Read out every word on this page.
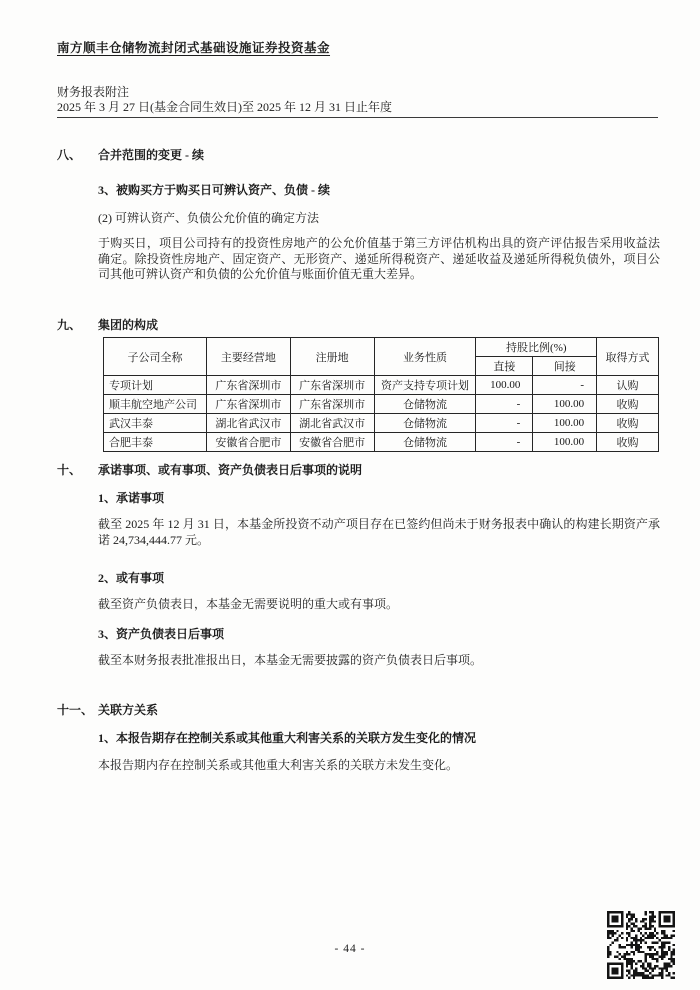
南方顺丰仓储物流封闭式基础设施证券投资基金
财务报表附注
2025 年 3 月 27 日(基金合同生效日)至 2025 年 12 月 31 日止年度
八、	合并范围的变更 - 续
3、被购买方于购买日可辨认资产、负债 - 续
(2) 可辨认资产、负债公允价值的确定方法
于购买日，项目公司持有的投资性房地产的公允价值基于第三方评估机构出具的资产评估报告采用收益法确定。除投资性房地产、固定资产、无形资产、递延所得税资产、递延收益及递延所得税负债外，项目公司其他可辨认资产和负债的公允价值与账面价值无重大差异。
九、	集团的构成
子公司全称	主要经营地	注册地	业务性质	持股比例(%)		取得方式
				直接	间接	
专项计划	广东省深圳市	广东省深圳市	资产支持专项计划	100.00	-	认购
顺丰航空地产公司	广东省深圳市	广东省深圳市	仓储物流	-	100.00	收购
武汉丰泰	湖北省武汉市	湖北省武汉市	仓储物流	-	100.00	收购
合肥丰泰	安徽省合肥市	安徽省合肥市	仓储物流	-	100.00	收购
十、	承诺事项、或有事项、资产负债表日后事项的说明
1、承诺事项
截至 2025 年 12 月 31 日，本基金所投资不动产项目存在已签约但尚未于财务报表中确认的构建长期资产承诺 24,734,444.77 元。
2、或有事项
截至资产负债表日，本基金无需要说明的重大或有事项。
3、资产负债表日后事项
截至本财务报表批准报出日，本基金无需要披露的资产负债表日后事项。
十一、 关联方关系
1、本报告期存在控制关系或其他重大利害关系的关联方发生变化的情况
本报告期内存在控制关系或其他重大利害关系的关联方未发生变化。
- 44 -
